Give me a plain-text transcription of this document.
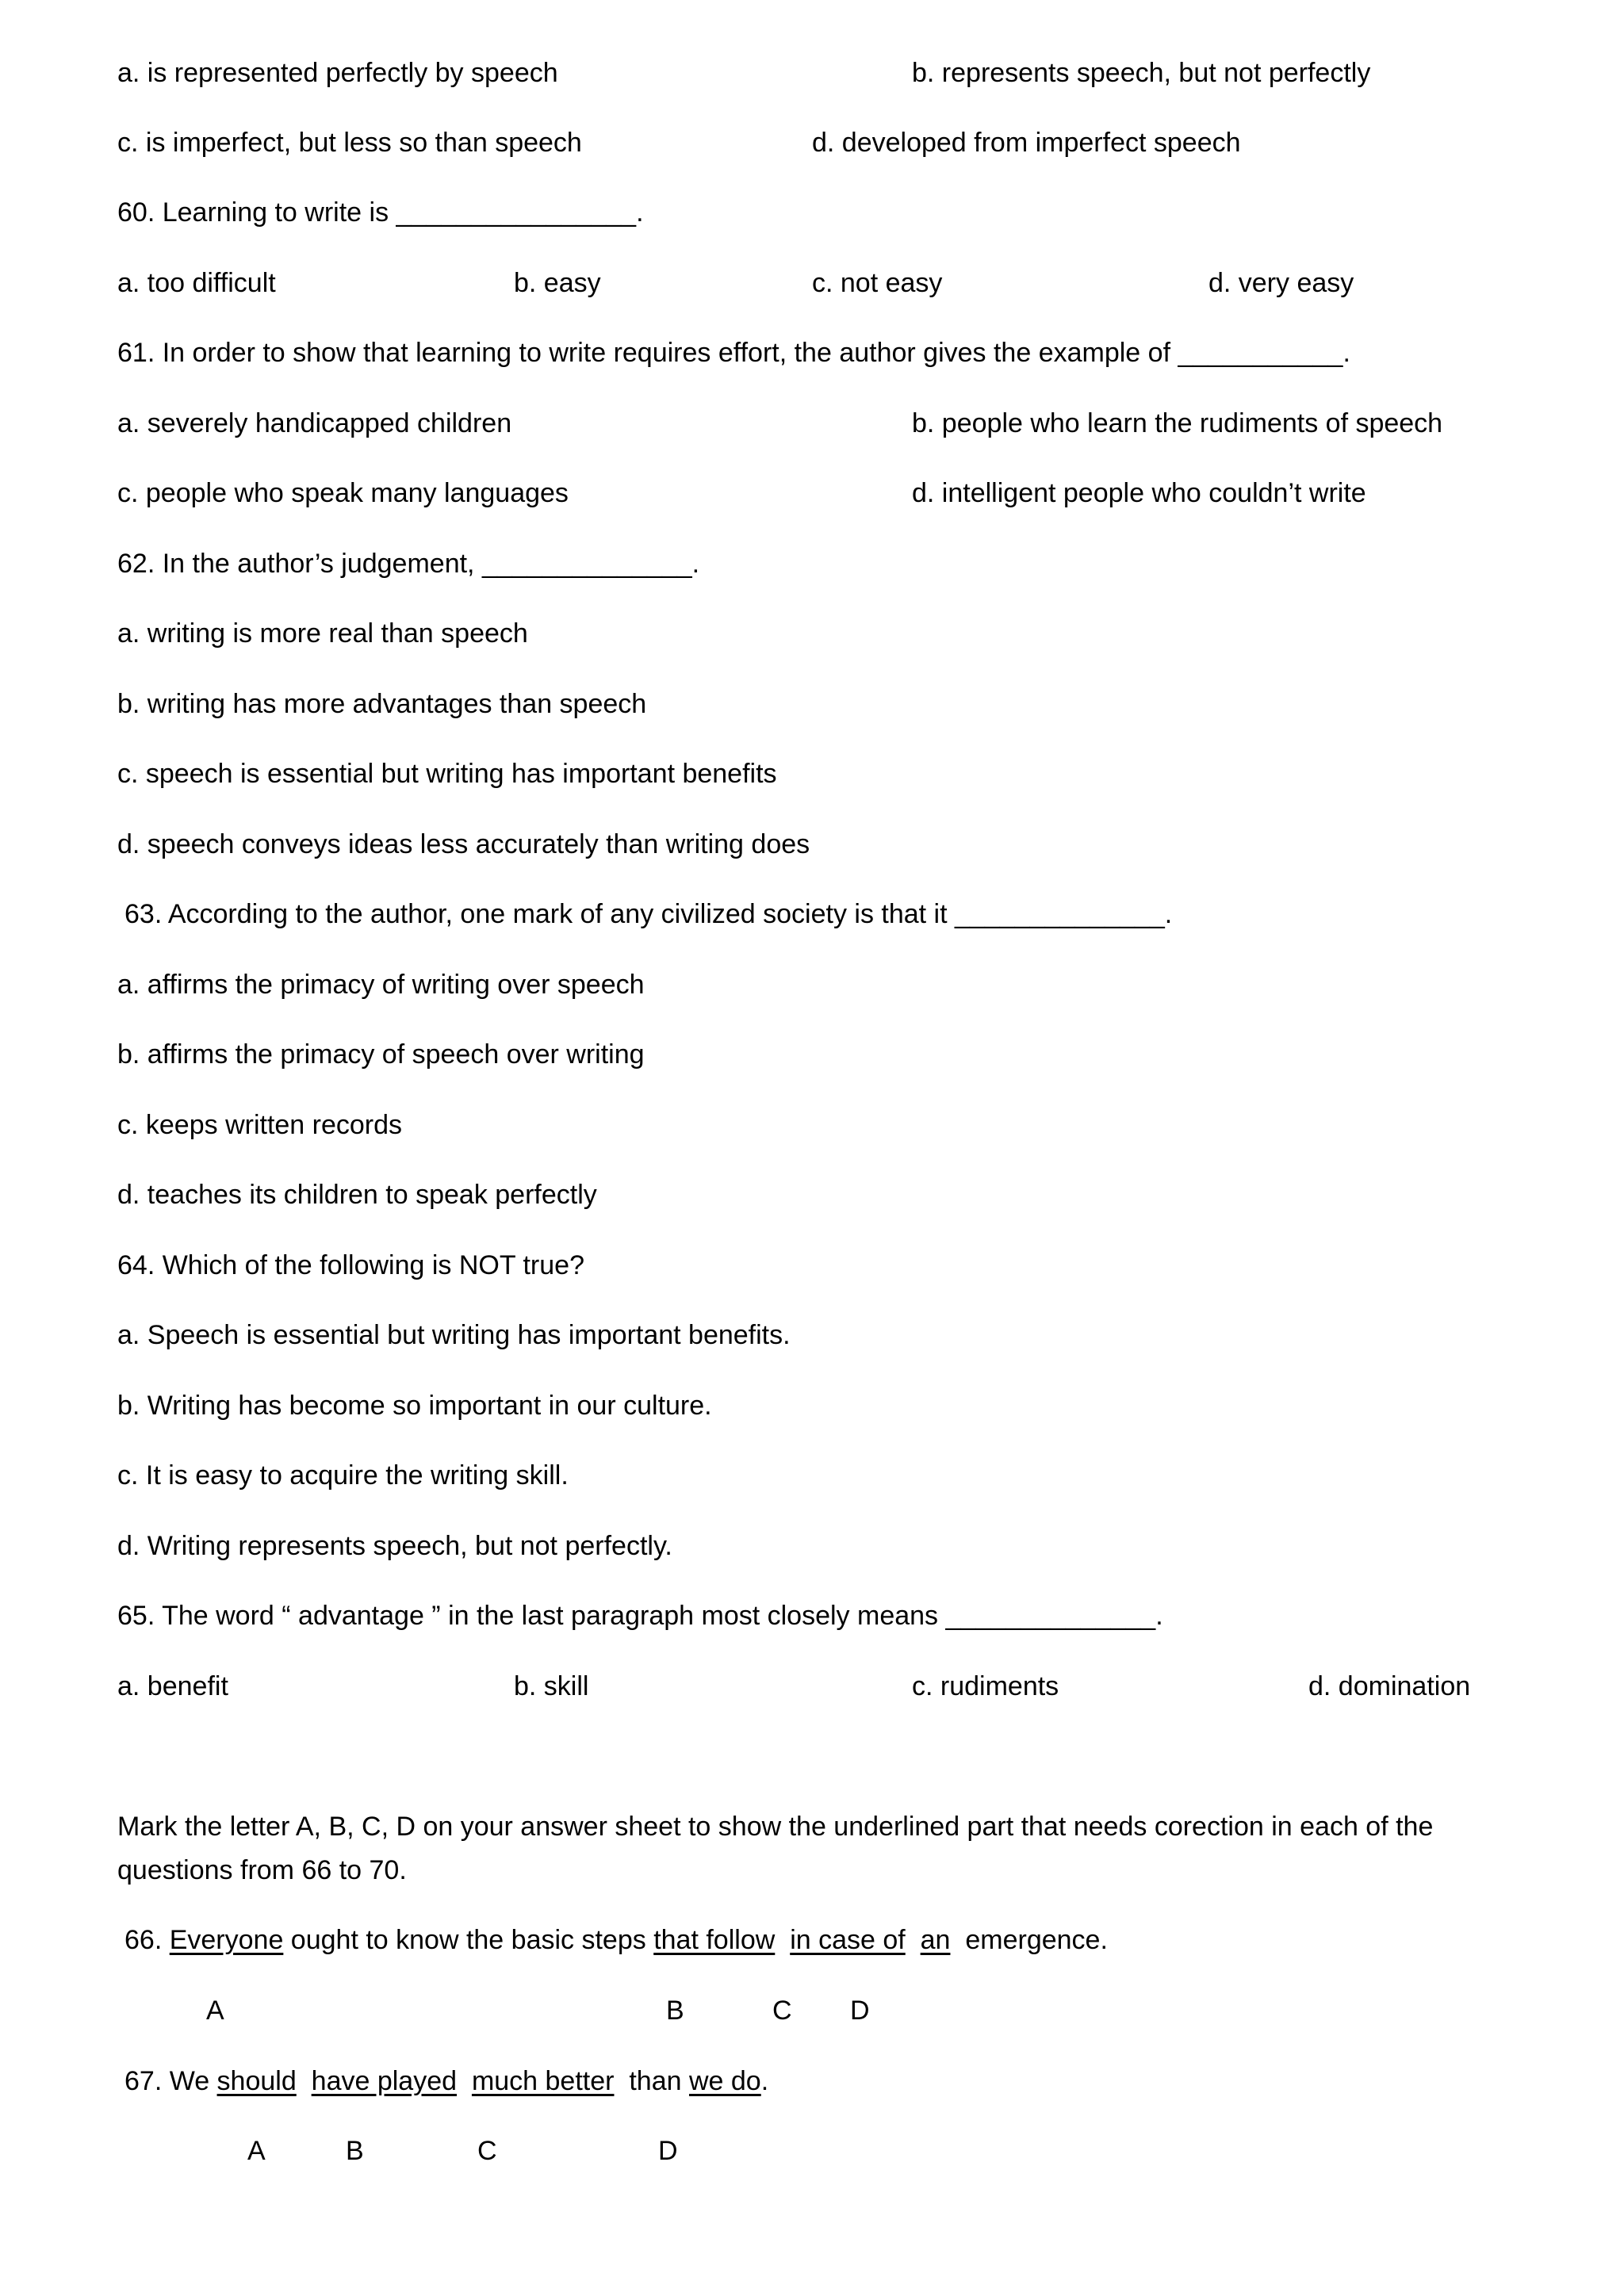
a. is represented perfectly by speech	b. represents speech, but not perfectly
c. is imperfect, but less so than speech	d. developed from imperfect speech
60. Learning to write is ________________.
a. too difficult	b. easy	c. not easy	d. very easy
61. In order to show that learning to write requires effort, the author gives the example of ___________.
a. severely handicapped children	b. people who learn the rudiments of speech
c. people who speak many languages	d. intelligent people who couldn’t write
62. In the author’s judgement, ______________.
a. writing is more real than speech
b. writing has more advantages than speech
c. speech is essential but writing has important benefits
d. speech conveys ideas less accurately than writing does
63. According to the author, one mark of any civilized society is that it ______________.
a. affirms the primacy of writing over speech
b. affirms the primacy of speech over writing
c. keeps written records
d. teaches its children to speak perfectly
64. Which of the following is NOT true?
a. Speech is essential but writing has important benefits.
b. Writing has become so important in our culture.
c. It is easy to acquire the writing skill.
d. Writing represents speech, but not perfectly.
65. The word “ advantage ” in the last paragraph most closely means ______________.
a. benefit	b. skill	c. rudiments	d. domination
Mark the letter A, B, C, D on your answer sheet to show the underlined part that needs corection in each of the
questions from 66 to 70.
66. Everyone ought to know the basic steps that follow in case of an  emergence.
A	B	C D
67. We should have played much better  than we do.
A	B	C	D
